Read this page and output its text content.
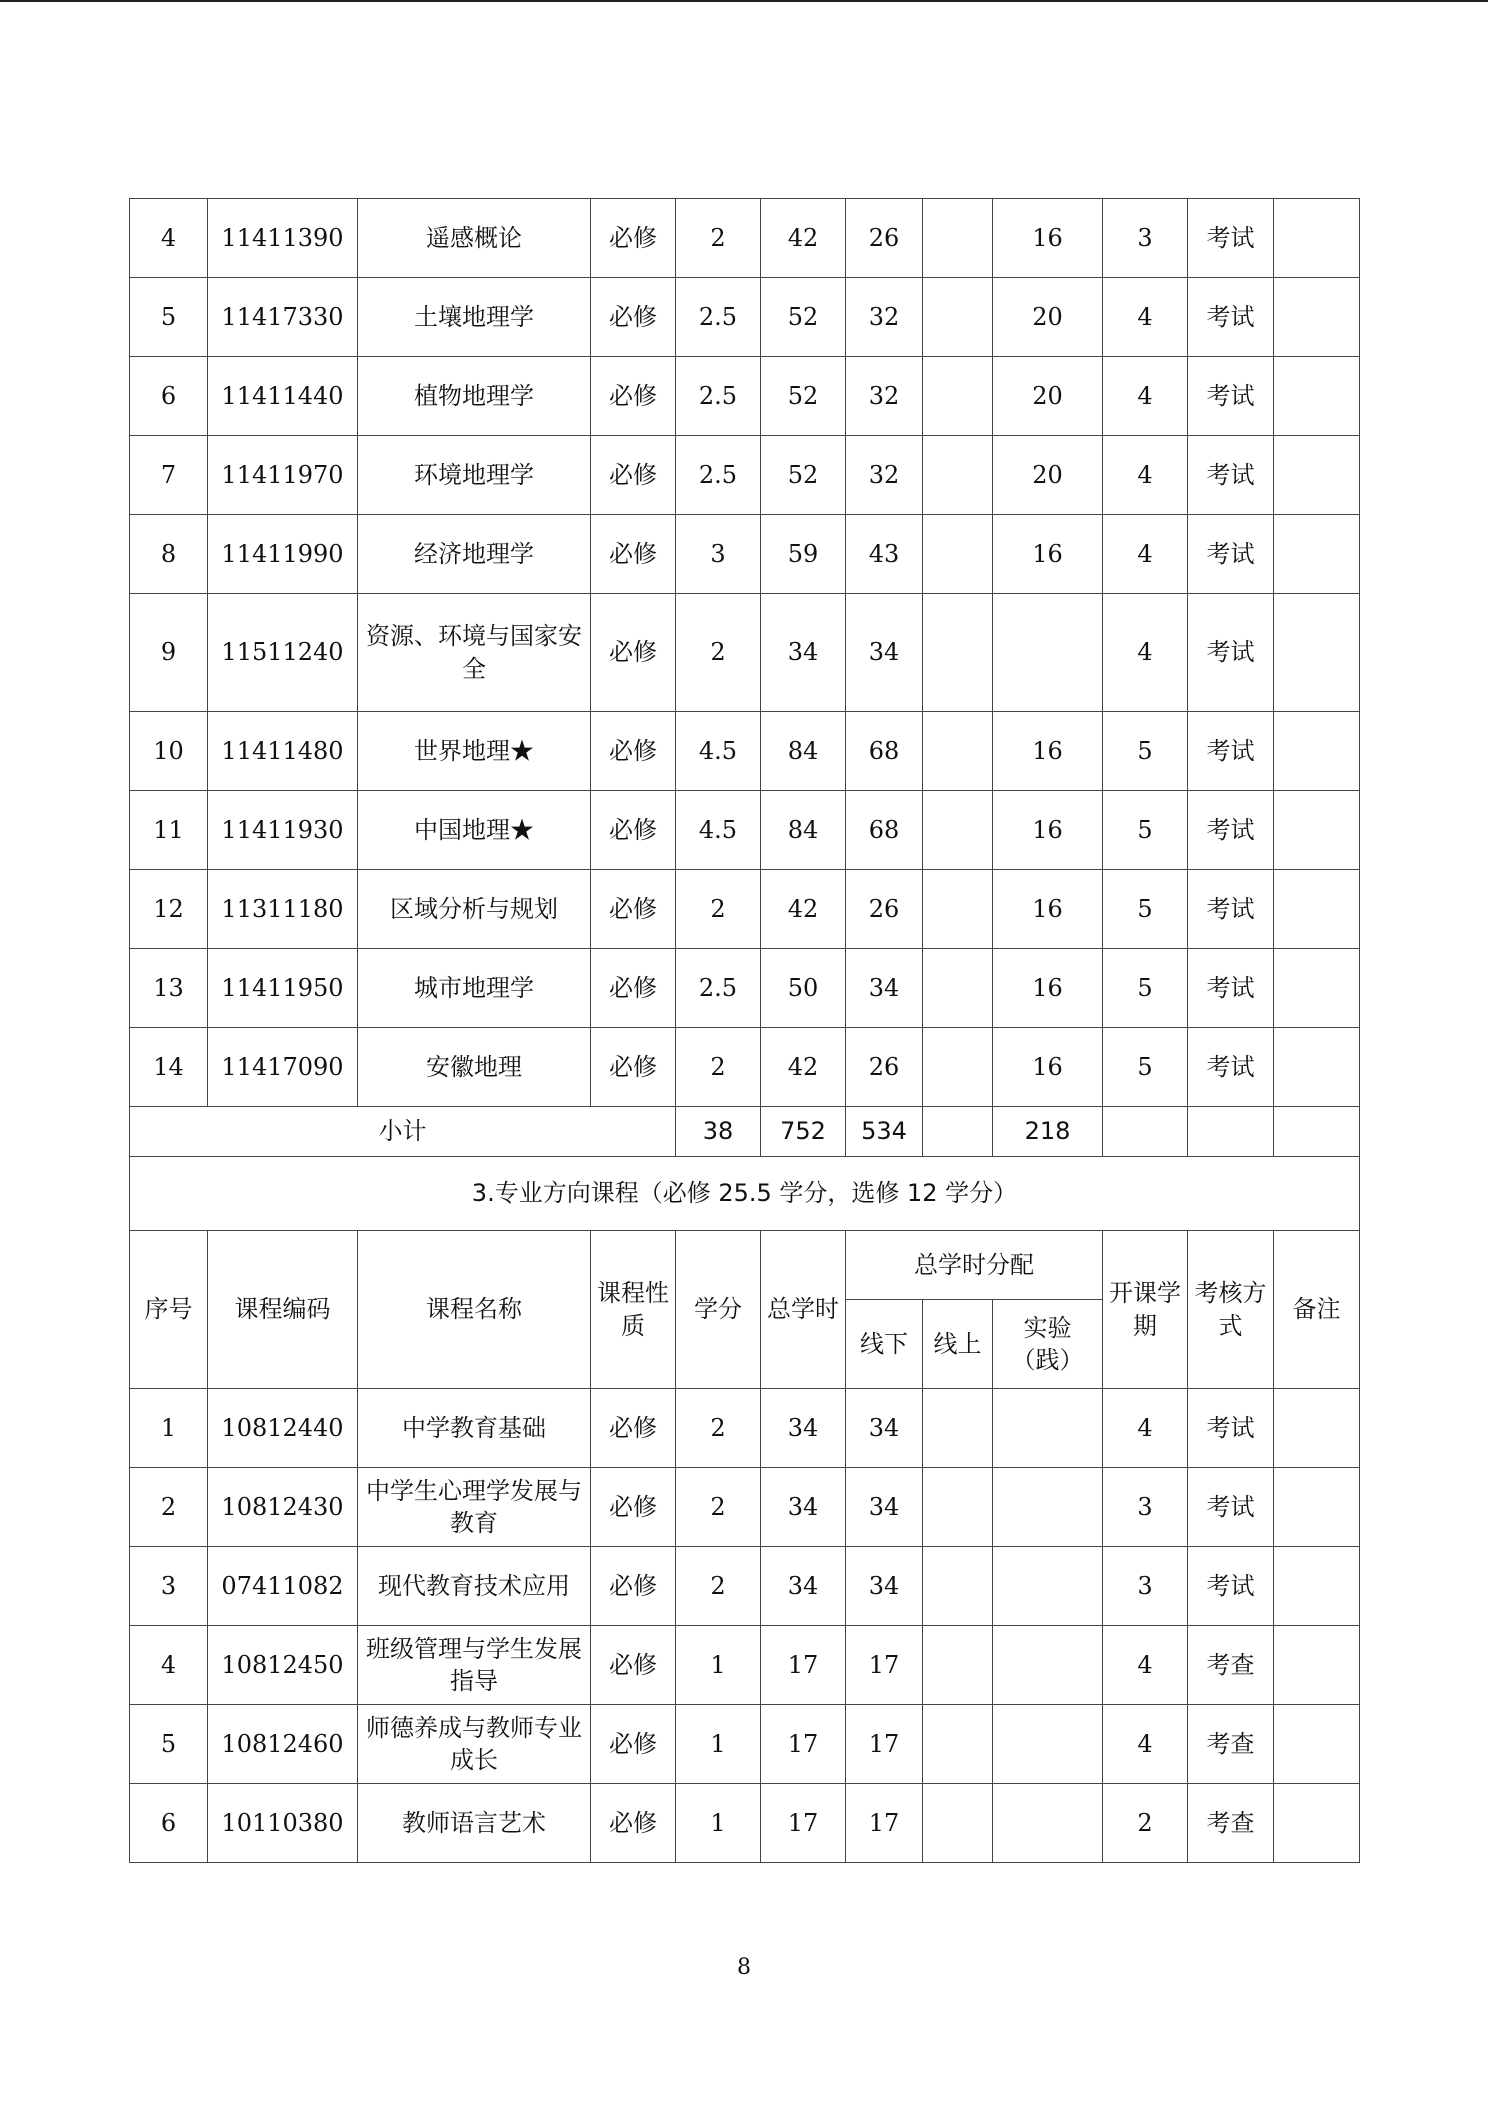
4	11411390	遥感概论	必修	2	42	26		16	3	考试	
5	11417330	土壤地理学	必修	2.5	52	32		20	4	考试	
6	11411440	植物地理学	必修	2.5	52	32		20	4	考试	
7	11411970	环境地理学	必修	2.5	52	32		20	4	考试	
8	11411990	经济地理学	必修	3	59	43		16	4	考试	
9	11511240	资源、环境与国家安全	必修	2	34	34			4	考试	
10	11411480	世界地理★	必修	4.5	84	68		16	5	考试	
11	11411930	中国地理★	必修	4.5	84	68		16	5	考试	
12	11311180	区域分析与规划	必修	2	42	26		16	5	考试	
13	11411950	城市地理学	必修	2.5	50	34		16	5	考试	
14	11417090	安徽地理	必修	2	42	26		16	5	考试	
小计				38	752	534		218			
3.专业方向课程（必修 25.5 学分，选修 12 学分）											
序号	课程编码	课程名称	课程性质	学分	总学时	总学时分配			开课学期	考核方式	备注
						线下	线上	实验（践）			
1	10812440	中学教育基础	必修	2	34	34			4	考试	
2	10812430	中学生心理学发展与教育	必修	2	34	34			3	考试	
3	07411082	现代教育技术应用	必修	2	34	34			3	考试	
4	10812450	班级管理与学生发展指导	必修	1	17	17			4	考查	
5	10812460	师德养成与教师专业成长	必修	1	17	17			4	考查	
6	10110380	教师语言艺术	必修	1	17	17			2	考查	
8
